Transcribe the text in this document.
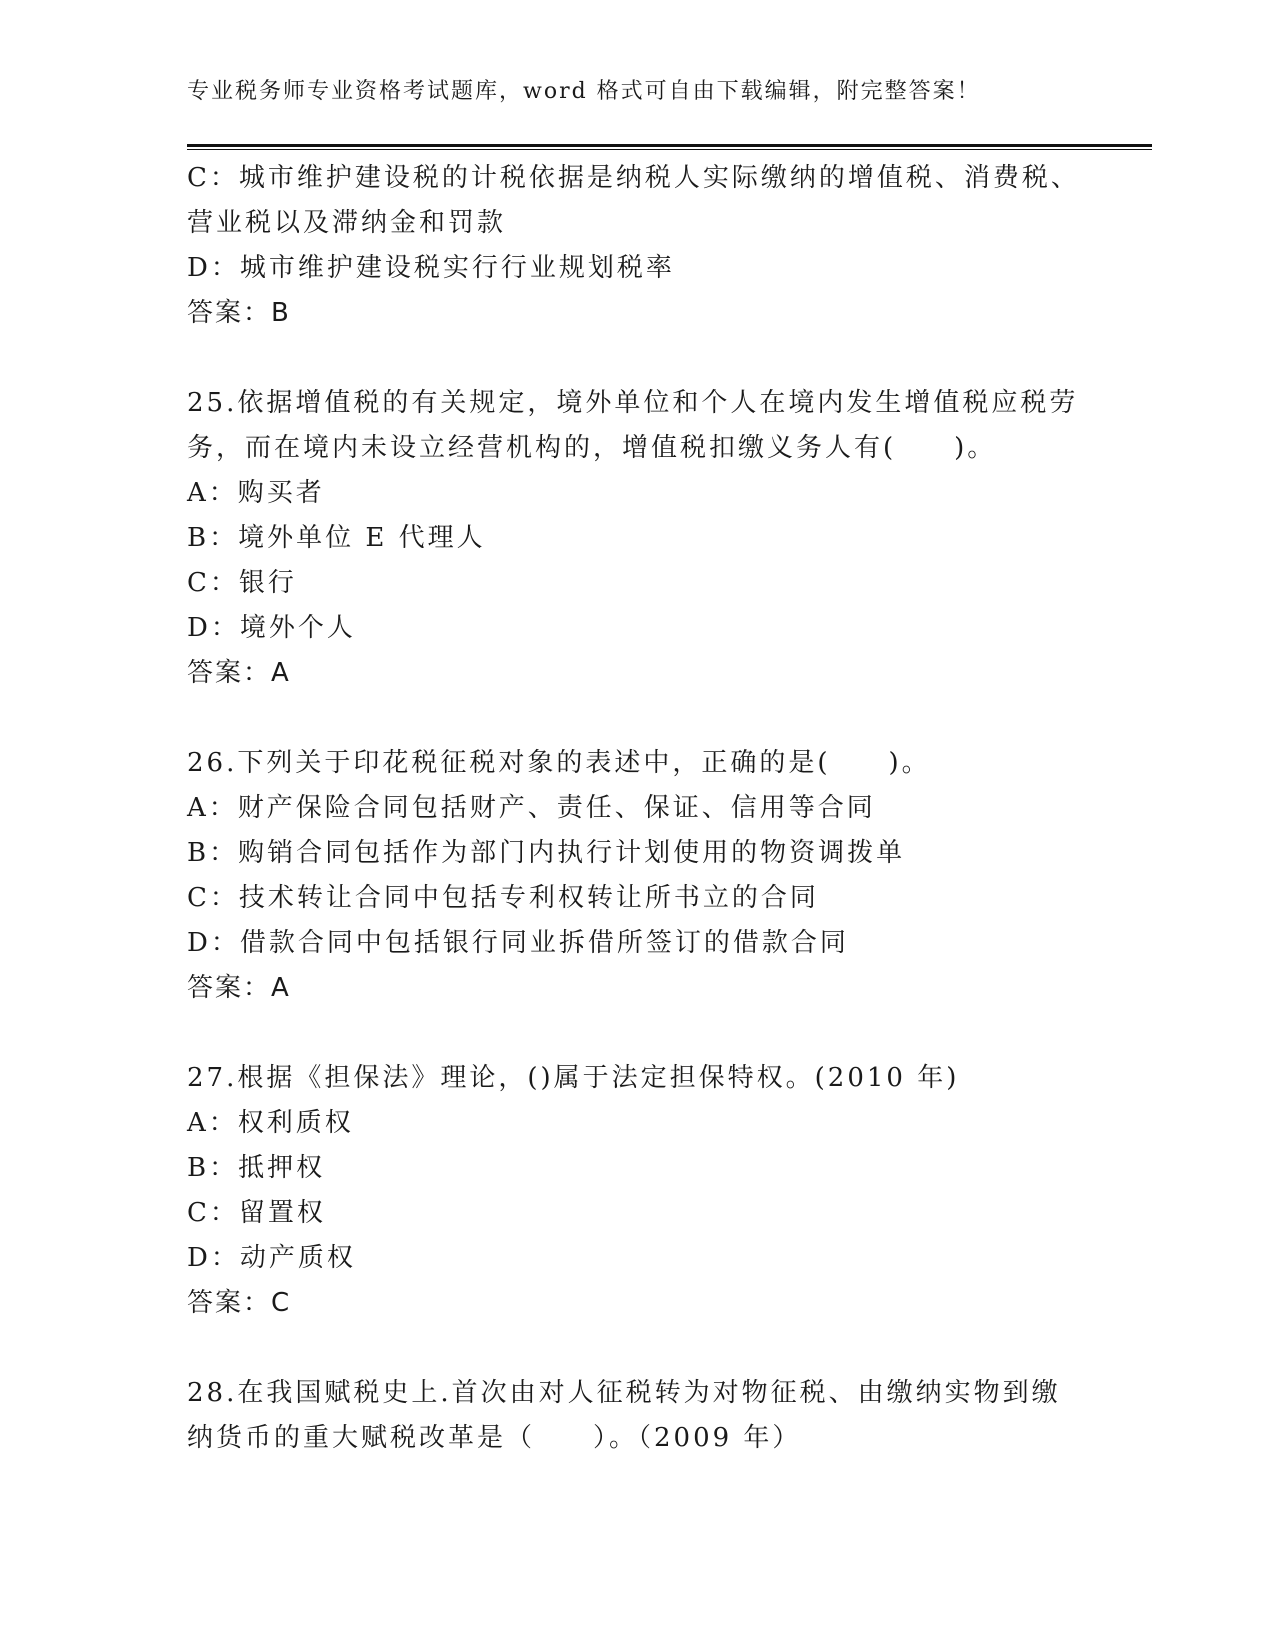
专业税务师专业资格考试题库，word 格式可自由下载编辑，附完整答案！
C：城市维护建设税的计税依据是纳税人实际缴纳的增值税、消费税、
营业税以及滞纳金和罚款
D：城市维护建设税实行行业规划税率
答案：B
25.依据增值税的有关规定，境外单位和个人在境内发生增值税应税劳
务，而在境内未设立经营机构的，增值税扣缴义务人有(　　)。
A：购买者
B：境外单位 E 代理人
C：银行
D：境外个人
答案：A
26.下列关于印花税征税对象的表述中，正确的是(　　)。
A：财产保险合同包括财产、责任、保证、信用等合同
B：购销合同包括作为部门内执行计划使用的物资调拨单
C：技术转让合同中包括专利权转让所书立的合同
D：借款合同中包括银行同业拆借所签订的借款合同
答案：A
27.根据《担保法》理论，()属于法定担保特权。(2010 年)
A：权利质权
B：抵押权
C：留置权
D：动产质权
答案：C
28.在我国赋税史上.首次由对人征税转为对物征税、由缴纳实物到缴
纳货币的重大赋税改革是（　　）。（2009 年）
